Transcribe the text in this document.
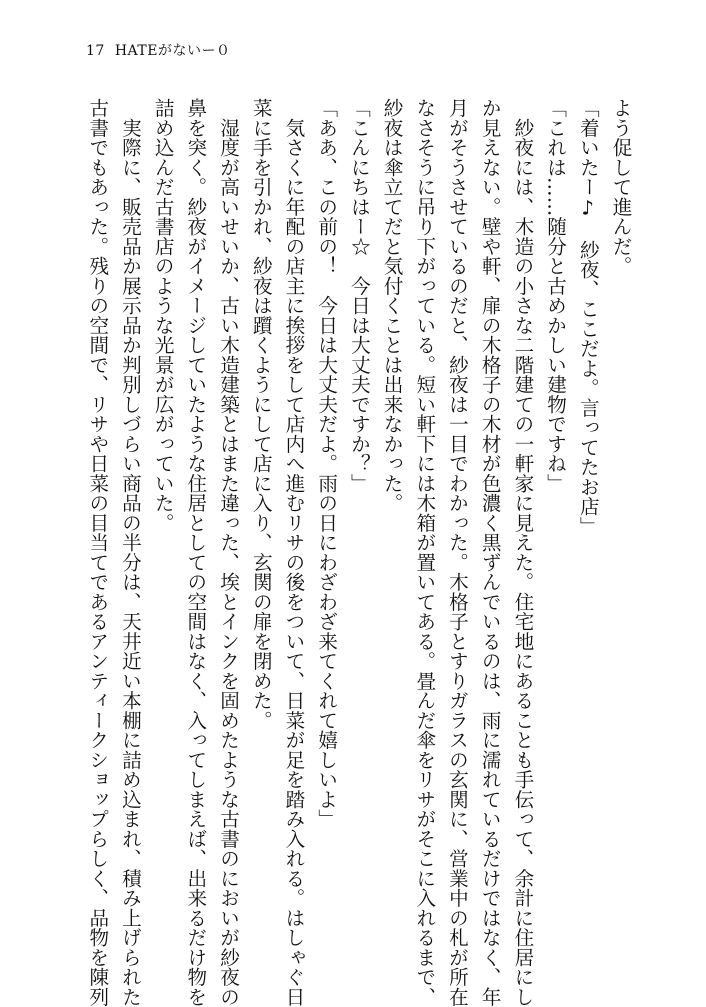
17 HATEがないー０
よう促して進んだ。
「着いたー♪　紗夜、ここだよ。言ってたお店」
「これは……随分と古めかしい建物ですね」
　紗夜には、木造の小さな二階建ての一軒家に見えた。住宅地にあることも手伝って、余計に住居にし
か見えない。壁や軒、扉の木格子の木材が色濃く黒ずんでいるのは、雨に濡れているだけではなく、年
月がそうさせているのだと、紗夜は一目でわかった。木格子とすりガラスの玄関に、営業中の札が所在
なさそうに吊り下がっている。短い軒下には木箱が置いてある。畳んだ傘をリサがそこに入れるまで、
紗夜は傘立てだと気付くことは出来なかった。
「こんにちはー☆　今日は大丈夫ですか？」
「ああ、この前の！　今日は大丈夫だよ。雨の日にわざわざ来てくれて嬉しいよ」
　気さくに年配の店主に挨拶をして店内へ進むリサの後をついて、日菜が足を踏み入れる。はしゃぐ日
菜に手を引かれ、紗夜は躓くようにして店に入り、玄関の扉を閉めた。
　湿度が高いせいか、古い木造建築とはまた違った、埃とインクを固めたような古書のにおいが紗夜の
鼻を突く。紗夜がイメージしていたような住居としての空間はなく、入ってしまえば、出来るだけ物を
詰め込んだ古書店のような光景が広がっていた。
　実際に、販売品か展示品か判別しづらい商品の半分は、天井近い本棚に詰め込まれ、積み上げられた
古書でもあった。残りの空間で、リサや日菜の目当てであるアンティークショップらしく、品物を陳列
